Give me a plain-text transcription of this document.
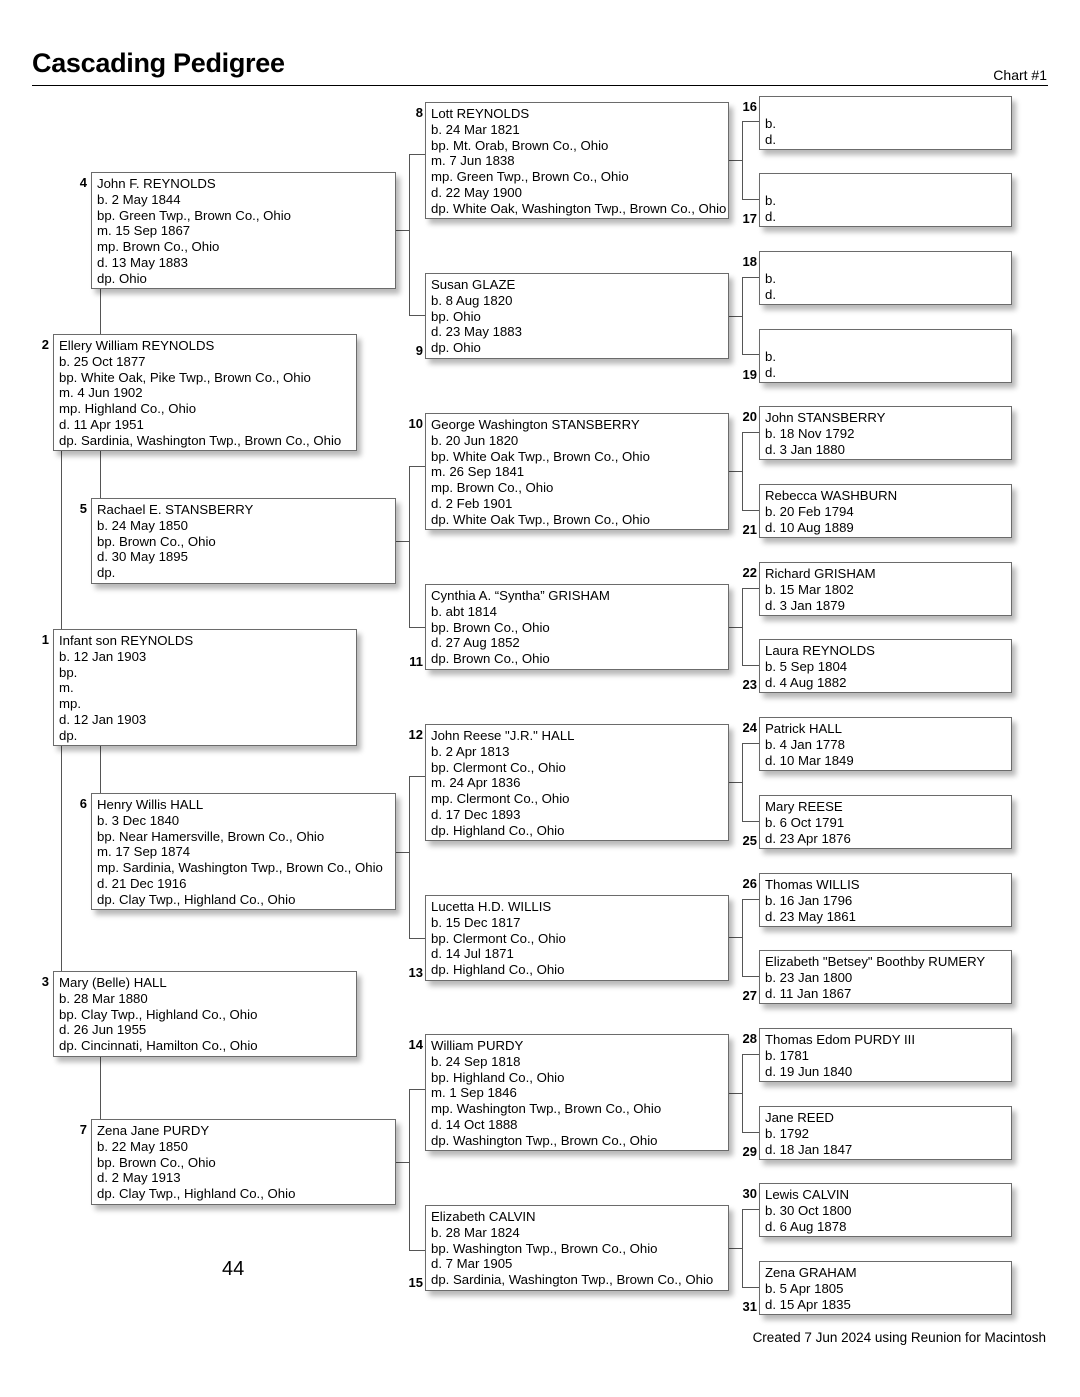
Cascading Pedigree	Chart #1
Infant son REYNOLDS
b. 12 Jan 1903
bp.
m.
mp.
d. 12 Jan 1903
dp.
1
Ellery William REYNOLDS
b. 25 Oct 1877
bp. White Oak, Pike Twp., Brown Co., Ohio
m. 4 Jun 1902
mp. Highland Co., Ohio
d. 11 Apr 1951
dp. Sardinia, Washington Twp., Brown Co., Ohio
2
Mary (Belle) HALL
b. 28 Mar 1880
bp. Clay Twp., Highland Co., Ohio
d. 26 Jun 1955
dp. Cincinnati, Hamilton Co., Ohio
3
John F. REYNOLDS
b. 2 May 1844
bp. Green Twp., Brown Co., Ohio
m. 15 Sep 1867
mp. Brown Co., Ohio
d. 13 May 1883
dp. Ohio
4
Rachael E. STANSBERRY
b. 24 May 1850
bp. Brown Co., Ohio
d. 30 May 1895
dp.
5
Henry Willis HALL
b. 3 Dec 1840
bp. Near Hamersville, Brown Co., Ohio
m. 17 Sep 1874
mp. Sardinia, Washington Twp., Brown Co., Ohio
d. 21 Dec 1916
dp. Clay Twp., Highland Co., Ohio
6
Zena Jane PURDY
b. 22 May 1850
bp. Brown Co., Ohio
d. 2 May 1913
dp. Clay Twp., Highland Co., Ohio
7
Lott REYNOLDS
b. 24 Mar 1821
bp. Mt. Orab, Brown Co., Ohio
m. 7 Jun 1838
mp. Green Twp., Brown Co., Ohio
d. 22 May 1900
dp. White Oak, Washington Twp., Brown Co., Ohio
8
Susan GLAZE
b. 8 Aug 1820
bp. Ohio
d. 23 May 1883
dp. Ohio
9
George Washington STANSBERRY
b. 20 Jun 1820
bp. White Oak Twp., Brown Co., Ohio
m. 26 Sep 1841
mp. Brown Co., Ohio
d. 2 Feb 1901
dp. White Oak Twp., Brown Co., Ohio
10
Cynthia A. “Syntha” GRISHAM
b. abt 1814
bp. Brown Co., Ohio
d. 27 Aug 1852
dp. Brown Co., Ohio
11
John Reese "J.R." HALL
b. 2 Apr 1813
bp. Clermont Co., Ohio
m. 24 Apr 1836
mp. Clermont Co., Ohio
d. 17 Dec 1893
dp. Highland Co., Ohio
12
Lucetta H.D. WILLIS
b. 15 Dec 1817
bp. Clermont Co., Ohio
d. 14 Jul 1871
dp. Highland Co., Ohio
13
William PURDY
b. 24 Sep 1818
bp. Highland Co., Ohio
m. 1 Sep 1846
mp. Washington Twp., Brown Co., Ohio
d. 14 Oct 1888
dp. Washington Twp., Brown Co., Ohio
14
Elizabeth CALVIN
b. 28 Mar 1824
bp. Washington Twp., Brown Co., Ohio
d. 7 Mar 1905
dp. Sardinia, Washington Twp., Brown Co., Ohio
15

b.
d.
16

b.
d.
17

b.
d.
18

b.
d.
19
John STANSBERRY
b. 18 Nov 1792
d. 3 Jan 1880
20
Rebecca WASHBURN
b. 20 Feb 1794
d. 10 Aug 1889
21
Richard GRISHAM
b. 15 Mar 1802
d. 3 Jan 1879
22
Laura REYNOLDS
b. 5 Sep 1804
d. 4 Aug 1882
23
Patrick HALL
b. 4 Jan 1778
d. 10 Mar 1849
24
Mary REESE
b. 6 Oct 1791
d. 23 Apr 1876
25
Thomas WILLIS
b. 16 Jan 1796
d. 23 May 1861
26
Elizabeth "Betsey" Boothby RUMERY
b. 23 Jan 1800
d. 11 Jan 1867
27
Thomas Edom PURDY III
b. 1781
d. 19 Jun 1840
28
Jane REED
b. 1792
d. 18 Jan 1847
29
Lewis CALVIN
b. 30 Oct 1800
d. 6 Aug 1878
30
Zena GRAHAM
b. 5 Apr 1805
d. 15 Apr 1835
31
44
Created 7 Jun 2024 using Reunion for Macintosh
